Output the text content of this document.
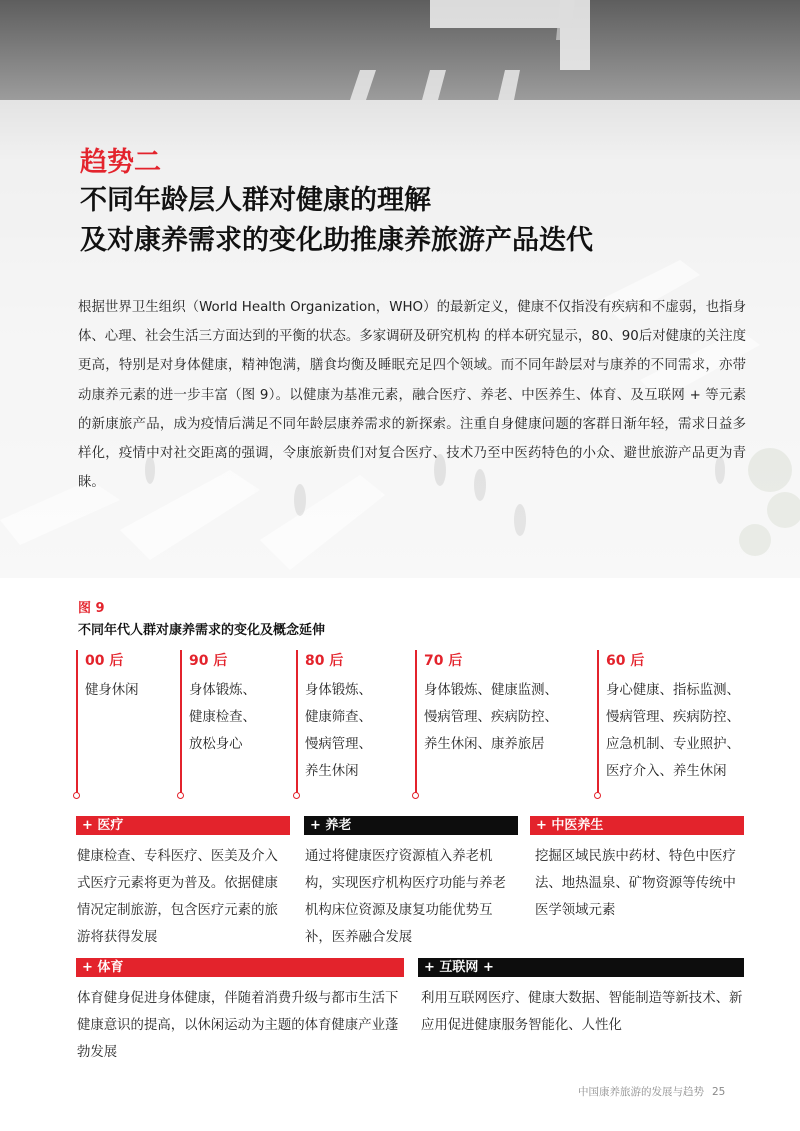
趋势二
不同年龄层人群对健康的理解
及对康养需求的变化助推康养旅游产品迭代
根据世界卫生组织（World Health Organization，WHO）的最新定义，健康不仅指没有疾病和不虚弱，也指身体、心理、社会生活三方面达到的平衡的状态。多家调研及研究机构 的样本研究显示，80、90后对健康的关注度更高，特别是对身体健康，精神饱满，膳食均衡及睡眠充足四个领域。而不同年龄层对与康养的不同需求，亦带动康养元素的进一步丰富（图 9）。以健康为基准元素，融合医疗、养老、中医养生、体育、及互联网 + 等元素的新康旅产品，成为疫情后满足不同年龄层康养需求的新探索。注重自身健康问题的客群日渐年轻，需求日益多样化，疫情中对社交距离的强调，令康旅新贵们对复合医疗、技术乃至中医药特色的小众、避世旅游产品更为青睐。
图 9
不同年代人群对康养需求的变化及概念延伸
00 后
健身休闲
90 后
身体锻炼、
健康检查、
放松身心
80 后
身体锻炼、
健康筛查、
慢病管理、
养生休闲
70 后
身体锻炼、健康监测、
慢病管理、疾病防控、
养生休闲、康养旅居
60 后
身心健康、指标监测、
慢病管理、疾病防控、
应急机制、专业照护、
医疗介入、养生休闲
+ 医疗
健康检查、专科医疗、医美及介入式医疗元素将更为普及。依据健康情况定制旅游，包含医疗元素的旅游将获得发展
+ 养老
通过将健康医疗资源植入养老机构，实现医疗机构医疗功能与养老机构床位资源及康复功能优势互补，医养融合发展
+ 中医养生
挖掘区域民族中药材、特色中医疗法、地热温泉、矿物资源等传统中医学领域元素
+ 体育
体育健身促进身体健康，伴随着消费升级与都市生活下健康意识的提高，以休闲运动为主题的体育健康产业蓬勃发展
+ 互联网 +
利用互联网医疗、健康大数据、智能制造等新技术、新应用促进健康服务智能化、人性化
中国康养旅游的发展与趋势 25
